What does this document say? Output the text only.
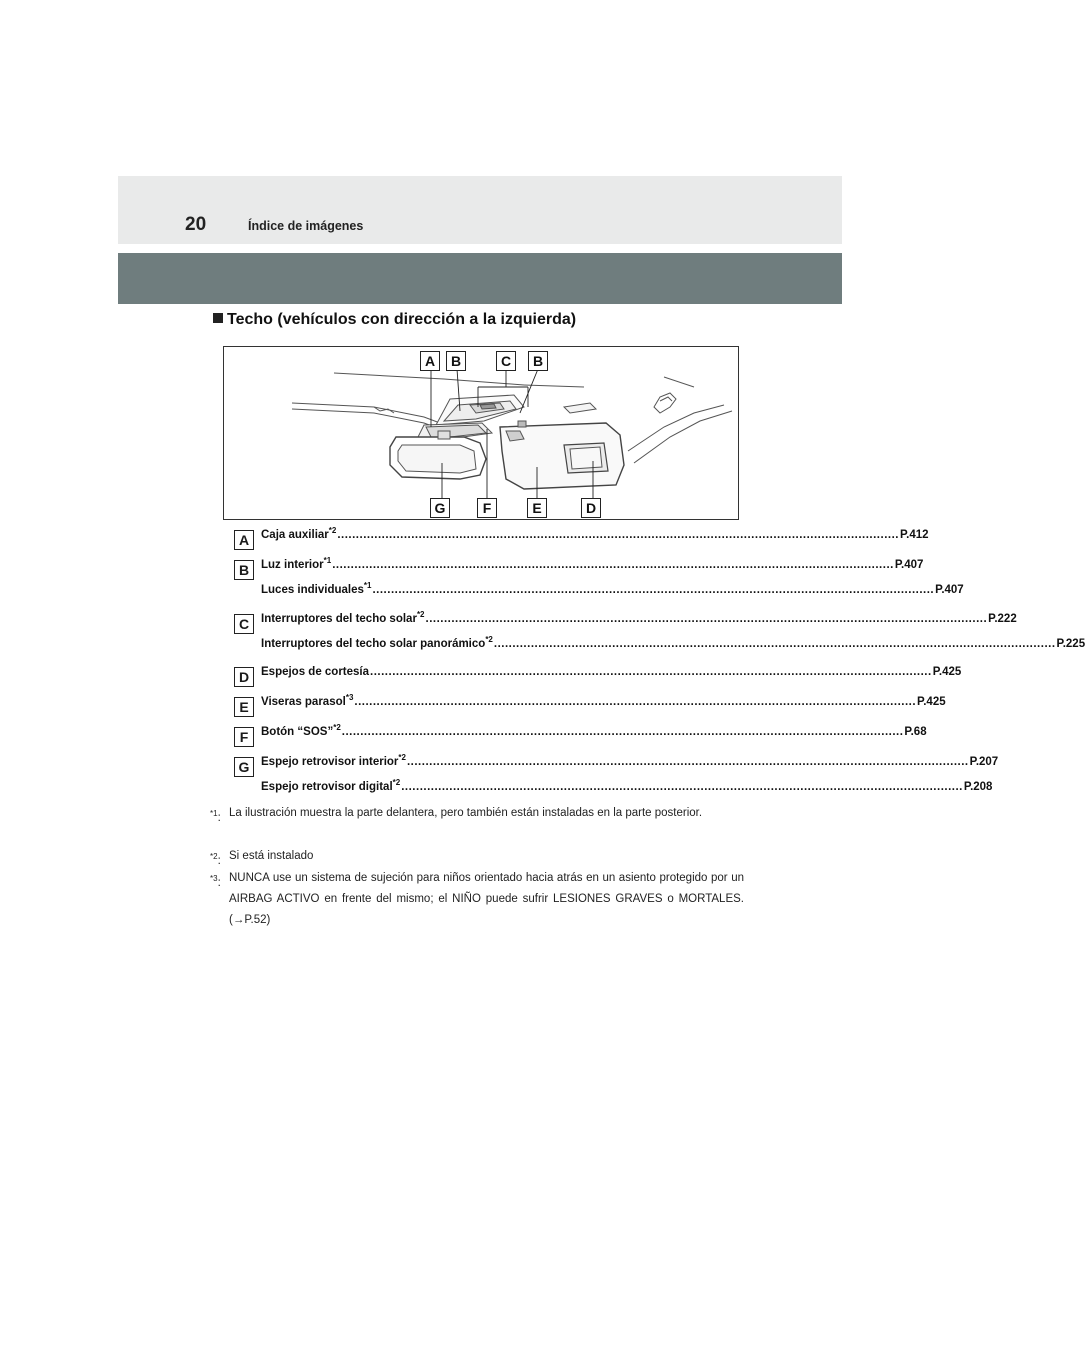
20	Índice de imágenes
Techo (vehículos con dirección a la izquierda)
A	B	C	B
G	F	E	D
A	Caja auxiliar$^{*2}$ ........................................................................................................................................................ P.412
B	Luz interior$^{*1}$ ........................................................................................................................................................ P.407
Luces individuales$^{*1}$ ........................................................................................................................................................ P.407
C	Interruptores del techo solar$^{*2}$ ........................................................................................................................................................ P.222
Interruptores del techo solar panorámico$^{*2}$ ........................................................................................................................................................ P.225
D	Espejos de cortesía ........................................................................................................................................................ P.425
E	Viseras parasol$^{*3}$ ........................................................................................................................................................ P.425
F	Botón “SOS”$^{*2}$ ........................................................................................................................................................ P.68
G	Espejo retrovisor interior$^{*2}$ ........................................................................................................................................................ P.207
Espejo retrovisor digital$^{*2}$ ........................................................................................................................................................ P.208
$^{*1}$: La ilustración muestra la parte delantera, pero también están instaladas en la parte posterior.
$^{*2}$: Si está instalado
$^{*3}$: NUNCA use un sistema de sujeción para niños orientado hacia atrás en un asiento protegido por un AIRBAG ACTIVO en frente del mismo; el NIÑO puede sufrir LESIONES GRAVES o MORTALES. (→P.52)
